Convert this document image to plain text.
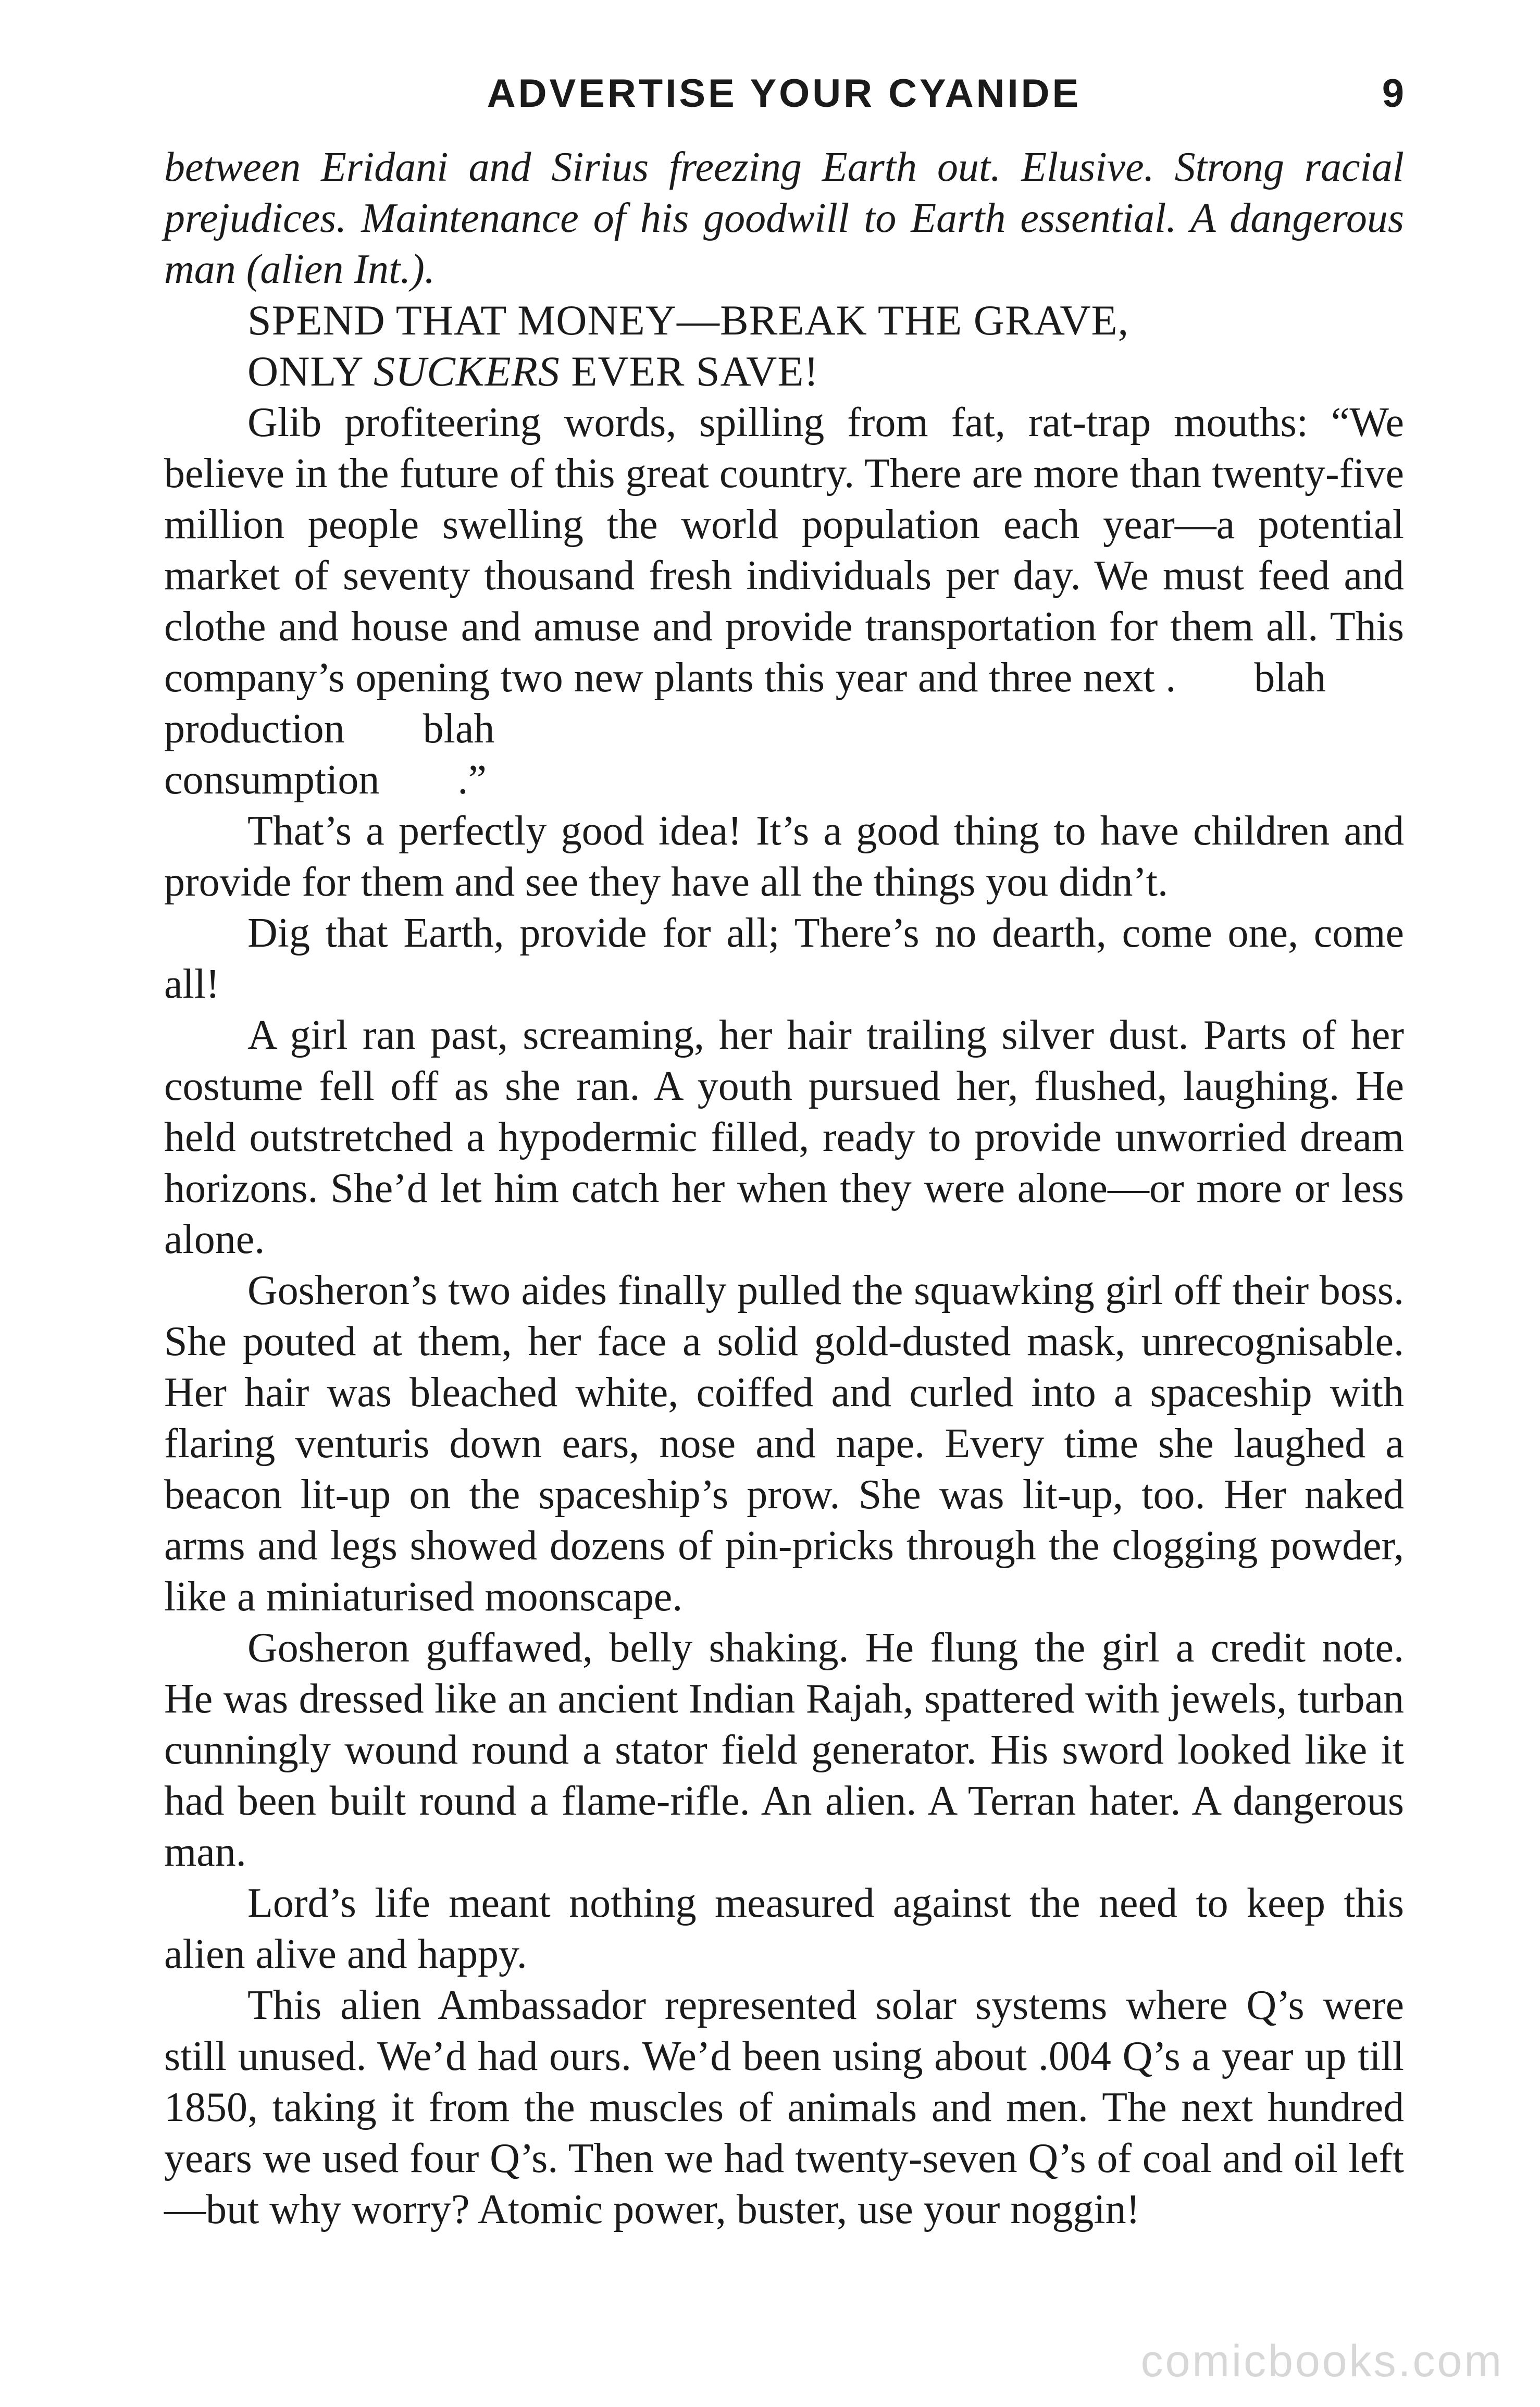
ADVERTISE YOUR CYANIDE	9

between Eridani and Sirius freezing Earth out. Elusive. Strong racial prejudices. Maintenance of his goodwill to Earth essential. A dangerous man (alien Int.).

SPEND THAT MONEY—BREAK THE GRAVE,
ONLY SUCKERS EVER SAVE!

Glib profiteering words, spilling from fat, rat-trap mouths: “We believe in the future of this great country. There are more than twenty-five million people swelling the world population each year—a potential market of seventy thousand fresh individuals per day. We must feed and clothe and house and amuse and provide transportation for them all. This company’s opening two new plants this year and three next . blahproduction blah
consumption .”

That’s a perfectly good idea! It’s a good thing to have children and provide for them and see they have all the things you didn’t.

Dig that Earth, provide for all; There’s no dearth, come one, come all!

A girl ran past, screaming, her hair trailing silver dust. Parts of her costume fell off as she ran. A youth pursued her, flushed, laughing. He held outstretched a hypodermic filled, ready to provide unworried dream horizons. She’d let him catch her when they were alone—or more or less alone.

Gosheron’s two aides finally pulled the squawking girl off their boss. She pouted at them, her face a solid gold-dusted mask, unrecognisable. Her hair was bleached white, coiffed and curled into a spaceship with flaring venturis down ears, nose and nape. Every time she laughed a beacon lit-up on the spaceship’s prow. She was lit-up, too. Her naked arms and legs showed dozens of pin-pricks through the clogging powder, like a miniaturised moonscape.

Gosheron guffawed, belly shaking. He flung the girl a credit note. He was dressed like an ancient Indian Rajah, spattered with jewels, turban cunningly wound round a stator field generator. His sword looked like it had been built round a flame-rifle. An alien. A Terran hater. A dangerous man.

Lord’s life meant nothing measured against the need to keep this alien alive and happy.

This alien Ambassador represented solar systems where Q’s were still unused. We’d had ours. We’d been using about .004 Q’s a year up till 1850, taking it from the muscles of animals and men. The next hundred years we used four Q’s. Then we had twenty-seven Q’s of coal and oil left—but why worry? Atomic power, buster, use your noggin!

comicbooks.com
